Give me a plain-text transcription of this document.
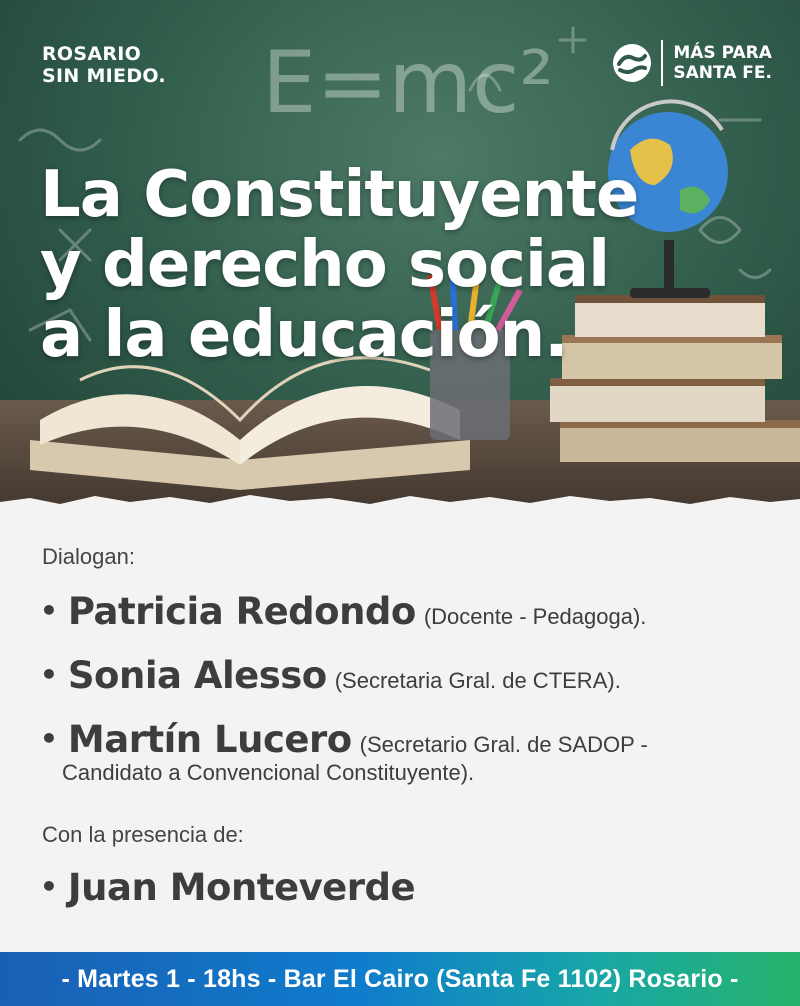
E=mc²
ROSARIO
SIN MIEDO.
MÁS PARA
SANTA FE.
La Constituyente
y derecho social
a la educación.
Dialogan:
• Patricia Redondo (Docente - Pedagoga).
• Sonia Alesso (Secretaria Gral. de CTERA).
• Martín Lucero (Secretario Gral. de SADOP -
Candidato a Convencional Constituyente).
Con la presencia de:
• Juan Monteverde
- Martes 1 - 18hs - Bar El Cairo (Santa Fe 1102) Rosario -
